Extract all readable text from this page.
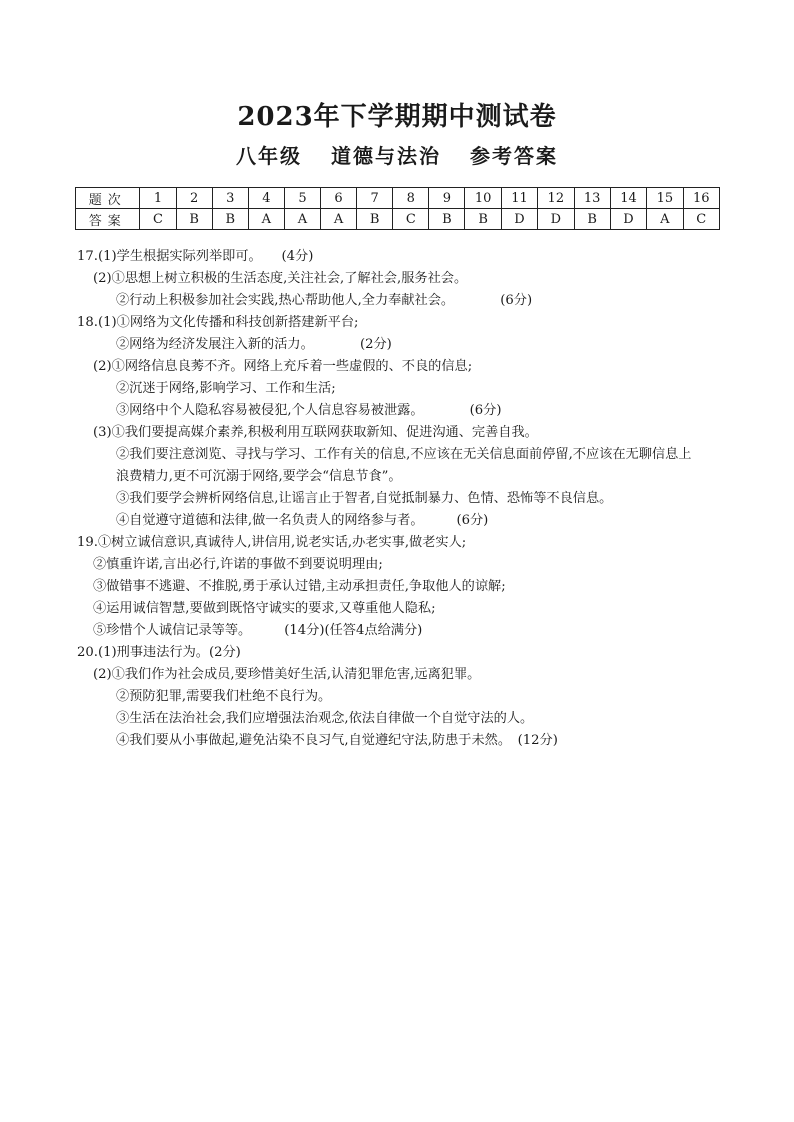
2023年下学期期中测试卷
八年级 道德与法治 参考答案
题次	1	2	3	4	5	6	7	8	9	10	11	12	13	14	15	16
答案	C	B	B	A	A	A	B	C	B	B	D	D	B	D	A	C
17.(1)学生根据实际列举即可。　　(4分)
(2)①思想上树立积极的生活态度,关注社会,了解社会,服务社会。
②行动上积极参加社会实践,热心帮助他人,全力奉献社会。　　　　(6分)
18.(1)①网络为文化传播和科技创新搭建新平台;
②网络为经济发展注入新的活力。　　　　(2分)
(2)①网络信息良莠不齐。网络上充斥着一些虚假的、不良的信息;
②沉迷于网络,影响学习、工作和生活;
③网络中个人隐私容易被侵犯,个人信息容易被泄露。　　　　(6分)
(3)①我们要提高媒介素养,积极利用互联网获取新知、促进沟通、完善自我。
②我们要注意浏览、寻找与学习、工作有关的信息,不应该在无关信息面前停留,不应该在无聊信息上
浪费精力,更不可沉溺于网络,要学会“信息节食”。
③我们要学会辨析网络信息,让谣言止于智者,自觉抵制暴力、色情、恐怖等不良信息。
④自觉遵守道德和法律,做一名负责人的网络参与者。　　　(6分)
19.①树立诚信意识,真诚待人,讲信用,说老实话,办老实事,做老实人;
②慎重许诺,言出必行,许诺的事做不到要说明理由;
③做错事不逃避、不推脱,勇于承认过错,主动承担责任,争取他人的谅解;
④运用诚信智慧,要做到既恪守诚实的要求,又尊重他人隐私;
⑤珍惜个人诚信记录等等。　　　(14分)(任答4点给满分)
20.(1)刑事违法行为。(2分)
(2)①我们作为社会成员,要珍惜美好生活,认清犯罪危害,远离犯罪。
②预防犯罪,需要我们杜绝不良行为。
③生活在法治社会,我们应增强法治观念,依法自律做一个自觉守法的人。
④我们要从小事做起,避免沾染不良习气,自觉遵纪守法,防患于未然。　(12分)
